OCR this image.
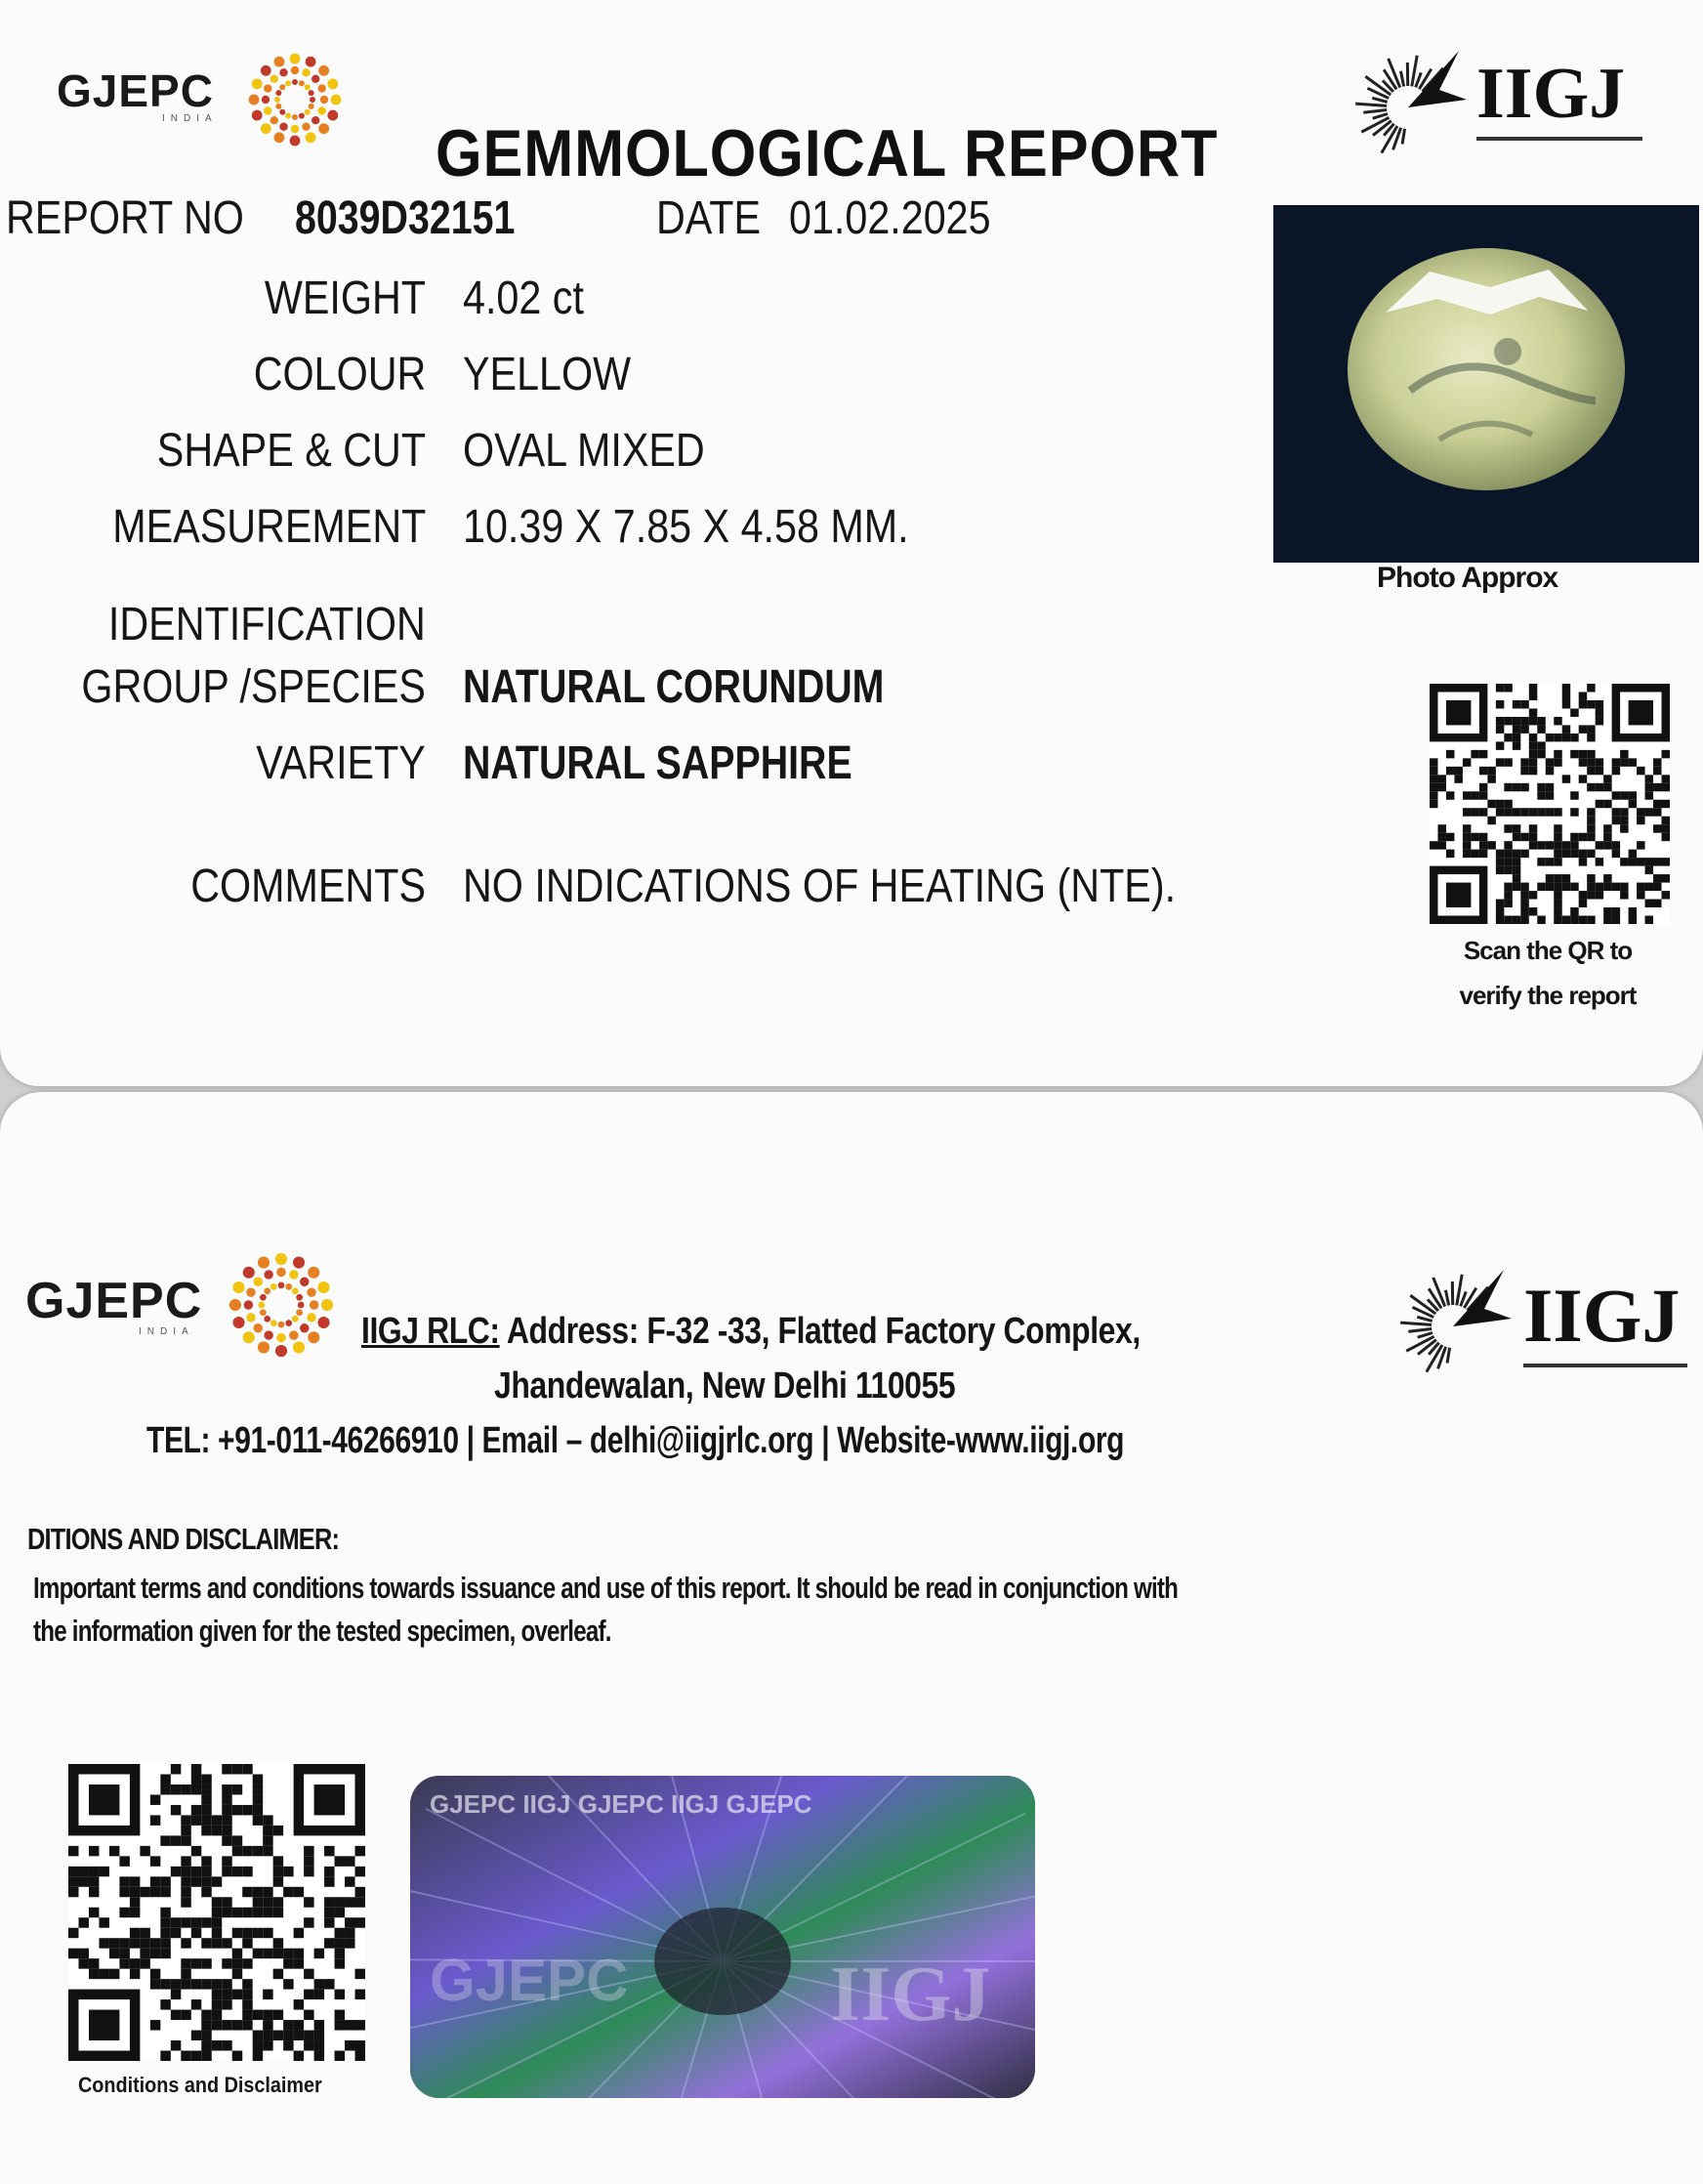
GJEPC
INDIA	IIGJ
GEMMOLOGICAL REPORT
REPORT NO	8039D32151	DATE 01.02.2025
WEIGHT 4.02 ct
COLOUR YELLOW
SHAPE & CUT OVAL MIXED
MEASUREMENT 10.39 X 7.85 X 4.58 MM.
IDENTIFICATION
GROUP /SPECIES NATURAL CORUNDUM
VARIETY NATURAL SAPPHIRE
COMMENTS NO INDICATIONS OF HEATING (NTE).
Photo Approx
Scan the QR to
verify the report
GJEPC
INDIA	IIGJ
IIGJ RLC: Address: F-32 -33, Flatted Factory Complex,
Jhandewalan, New Delhi 110055
TEL: +91-011-46266910 | Email – delhi@iigjrlc.org | Website-www.iigj.org
DITIONS AND DISCLAIMER:
Important terms and conditions towards issuance and use of this report. It should be read in conjunction with
the information given for the tested specimen, overleaf.
Conditions and Disclaimer
IIGJ
GJEPC
GJEPC IIGJ GJEPC IIGJ GJEPC
